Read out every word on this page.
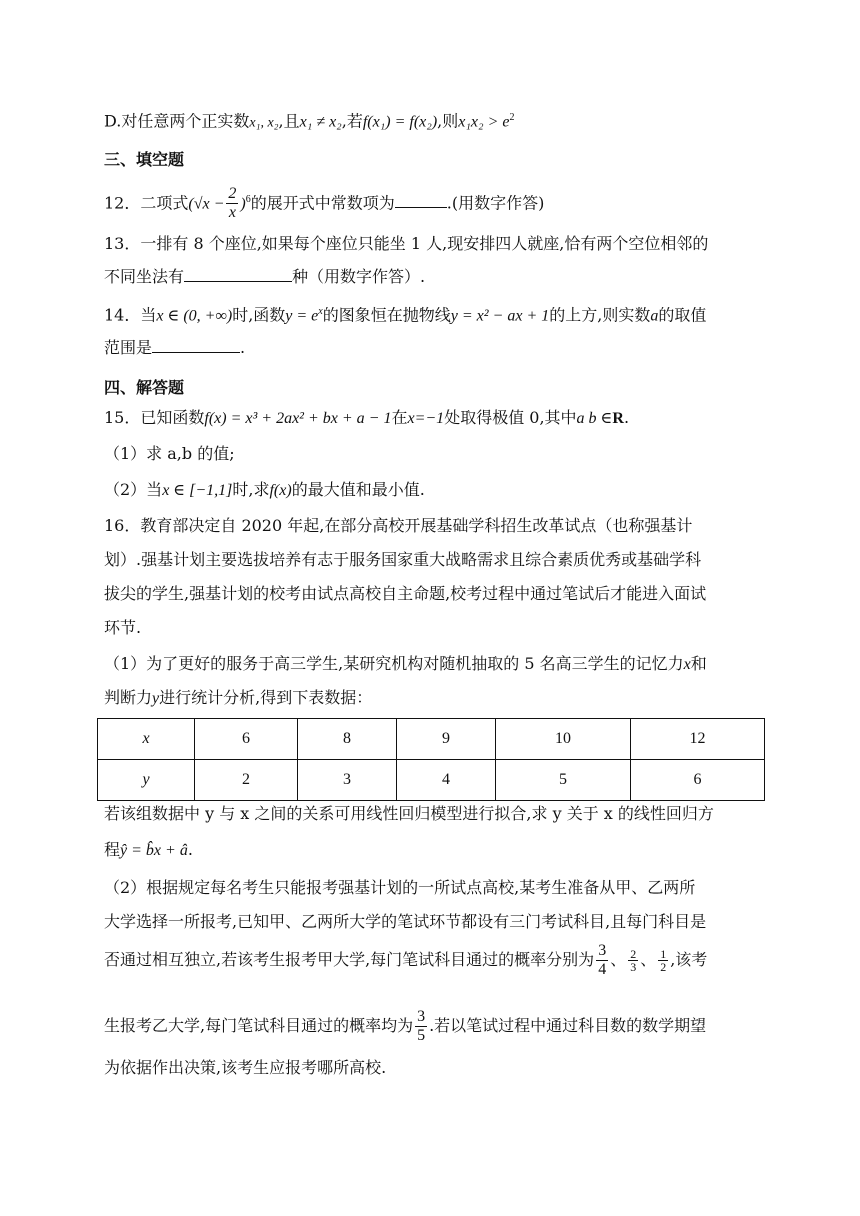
D.对任意两个正实数x₁, x₂,且x₁ ≠ x₂,若f(x₁) = f(x₂),则$x_1x_2 > e^2$
三、填空题
12．二项式$(√x - \frac{2}{x} )^6$的展开式中常数项为	.(用数字作答)
13．一排有 8 个座位,如果每个座位只能坐 1 人,现安排四人就座,恰有两个空位相邻的
不同坐法有	种（用数字作答）.
14．当x ∈ (0, +∞)时,函数$y = e^x$的图象恒在抛物线y = x² − ax + 1的上方,则实数a的取值
范围是	.
四、解答题
15．已知函数f(x) = x³ + 2ax² + bx + a − 1在x=−1处取得极值 0,其中a b ∈R.
（1）求 a,b 的值;
（2）当x ∈ [−1,1]时,求f(x)的最大值和最小值.
16．教育部决定自 2020 年起,在部分高校开展基础学科招生改革试点（也称强基计
划）.强基计划主要选拔培养有志于服务国家重大战略需求且综合素质优秀或基础学科
拔尖的学生,强基计划的校考由试点高校自主命题,校考过程中通过笔试后才能进入面试
环节.
（1）为了更好的服务于高三学生,某研究机构对随机抽取的 5 名高三学生的记忆力x和
判断力y进行统计分析,得到下表数据：
x	6	8	9	10	12
y	2	3	4	5	6
若该组数据中 y 与 x 之间的关系可用线性回归模型进行拟合,求 y 关于 x 的线性回归方
程ŷ = b̂x + â.
（2）根据规定每名考生只能报考强基计划的一所试点高校,某考生准备从甲、乙两所
大学选择一所报考,已知甲、乙两所大学的笔试环节都设有三门考试科目,且每门科目是
否通过相互独立,若该考生报考甲大学,每门笔试科目通过的概率分别为 $\frac{3}{4}$ 、 $\frac{2}{3}$ 、 $\frac{1}{2}$ ,该考
生报考乙大学,每门笔试科目通过的概率均为 $\frac{3}{5}$ .若以笔试过程中通过科目数的数学期望
为依据作出决策,该考生应报考哪所高校.
